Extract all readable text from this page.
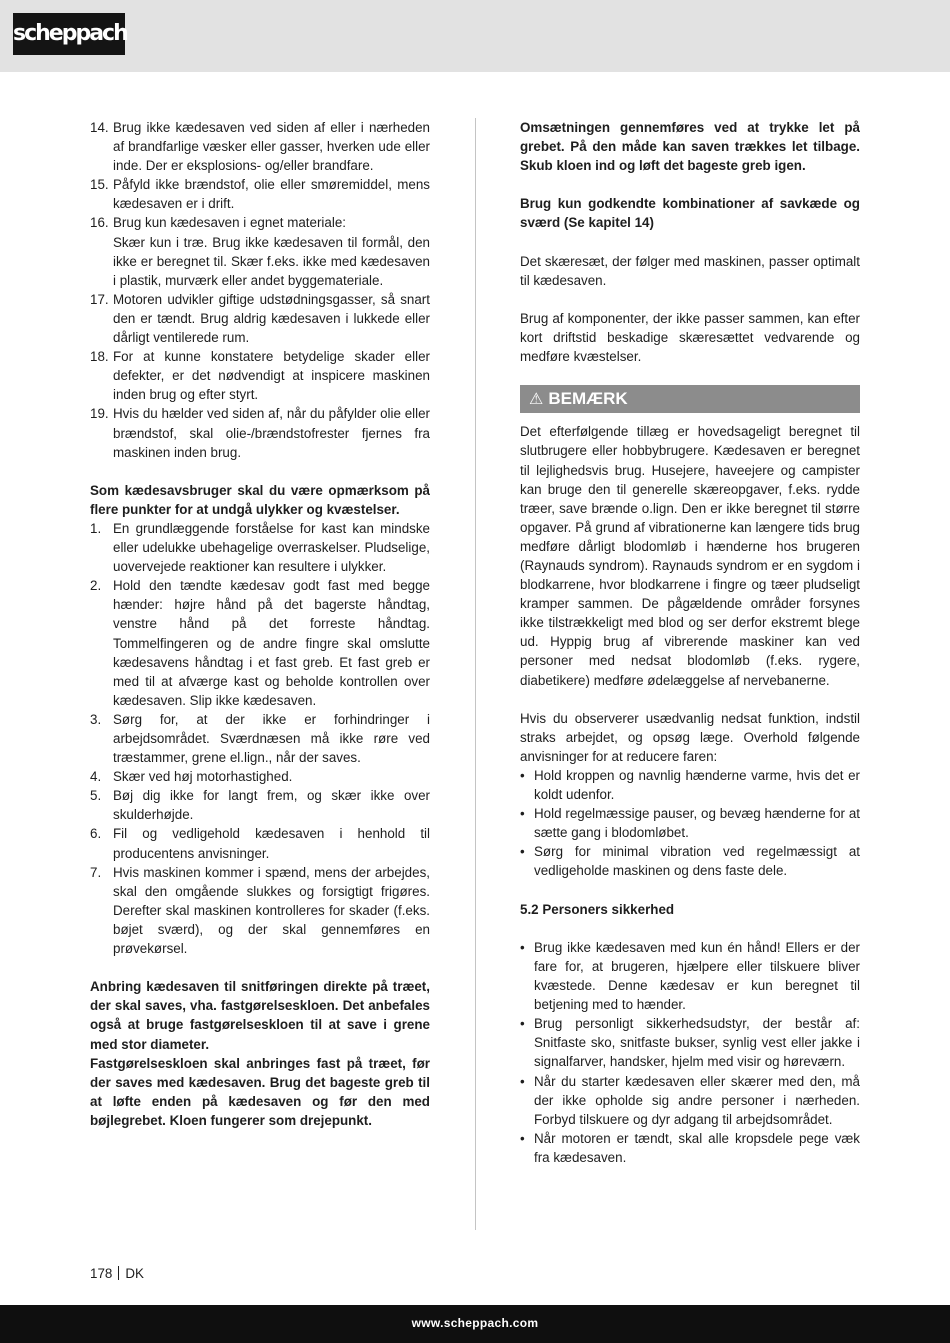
scheppach
14. Brug ikke kædesaven ved siden af eller i nærheden af brandfarlige væsker eller gasser, hverken ude eller inde. Der er eksplosions- og/eller brandfare.
15. Påfyld ikke brændstof, olie eller smøremiddel, mens kædesaven er i drift.
16. Brug kun kædesaven i egnet materiale:
Skær kun i træ. Brug ikke kædesaven til formål, den ikke er beregnet til. Skær f.eks. ikke med kædesaven i plastik, murværk eller andet byggemateriale.
17. Motoren udvikler giftige udstødningsgasser, så snart den er tændt. Brug aldrig kædesaven i lukkede eller dårligt ventilerede rum.
18. For at kunne konstatere betydelige skader eller defekter, er det nødvendigt at inspicere maskinen inden brug og efter styrt.
19. Hvis du hælder ved siden af, når du påfylder olie eller brændstof, skal olie-/brændstofrester fjernes fra maskinen inden brug.

Som kædesavsbruger skal du være opmærksom på flere punkter for at undgå ulykker og kvæstelser.

1. En grundlæggende forståelse for kast kan mindske eller udelukke ubehagelige overraskelser. Pludselige, uovervejede reaktioner kan resultere i ulykker.
2. Hold den tændte kædesav godt fast med begge hænder: højre hånd på det bagerste håndtag, venstre hånd på det forreste håndtag. Tommelfingeren og de andre fingre skal omslutte kædesavens håndtag i et fast greb. Et fast greb er med til at afværge kast og beholde kontrollen over kædesaven. Slip ikke kædesaven.
3. Sørg for, at der ikke er forhindringer i arbejdsområdet. Sværdnæsen må ikke røre ved træstammer, grene el.lign., når der saves.
4. Skær ved høj motorhastighed.
5. Bøj dig ikke for langt frem, og skær ikke over skulderhøjde.
6. Fil og vedligehold kædesaven i henhold til producentens anvisninger.
7. Hvis maskinen kommer i spænd, mens der arbejdes, skal den omgående slukkes og forsigtigt frigøres. Derefter skal maskinen kontrolleres for skader (f.eks. bøjet sværd), og der skal gennemføres en prøvekørsel.

Anbring kædesaven til snitføringen direkte på træet, der skal saves, vha. fastgørelseskloen. Det anbefales også at bruge fastgørelseskloen til at save i grene med stor diameter.

Fastgørelseskloen skal anbringes fast på træet, før der saves med kædesaven. Brug det bageste greb til at løfte enden på kædesaven og før den med bøjlegrebet. Kloen fungerer som drejepunkt.

Omsætningen gennemføres ved at trykke let på grebet. På den måde kan saven trækkes let tilbage. Skub kloen ind og løft det bageste greb igen.

Brug kun godkendte kombinationer af savkæde og sværd (Se kapitel 14)

Det skæresæt, der følger med maskinen, passer optimalt til kædesaven.

Brug af komponenter, der ikke passer sammen, kan efter kort driftstid beskadige skæresættet vedvarende og medføre kvæstelser.

⚠ BEMÆRK

Det efterfølgende tillæg er hovedsageligt beregnet til slutbrugere eller hobbybrugere. Kædesaven er beregnet til lejlighedsvis brug. Husejere, haveejere og campister kan bruge den til generelle skæreopgaver, f.eks. rydde træer, save brænde o.lign. Den er ikke beregnet til større opgaver. På grund af vibrationerne kan længere tids brug medføre dårligt blodomløb i hænderne hos brugeren (Raynauds syndrom). Raynauds syndrom er en sygdom i blodkarrene, hvor blodkarrene i fingre og tæer pludseligt kramper sammen. De pågældende områder forsynes ikke tilstrækkeligt med blod og ser derfor ekstremt blege ud. Hyppig brug af vibrerende maskiner kan ved personer med nedsat blodomløb (f.eks. rygere, diabetikere) medføre ødelæggelse af nervebanerne.

Hvis du observerer usædvanlig nedsat funktion, indstil straks arbejdet, og opsøg læge. Overhold følgende anvisninger for at reducere faren:

• Hold kroppen og navnlig hænderne varme, hvis det er koldt udenfor.
• Hold regelmæssige pauser, og bevæg hænderne for at sætte gang i blodomløbet.
• Sørg for minimal vibration ved regelmæssigt at vedligeholde maskinen og dens faste dele.

5.2 Personers sikkerhed

• Brug ikke kædesaven med kun én hånd! Ellers er der fare for, at brugeren, hjælpere eller tilskuere bliver kvæstede. Denne kædesav er kun beregnet til betjening med to hænder.
• Brug personligt sikkerhedsudstyr, der består af: Snitfaste sko, snitfaste bukser, synlig vest eller jakke i signalfarver, handsker, hjelm med visir og høreværn.
• Når du starter kædesaven eller skærer med den, må der ikke opholde sig andre personer i nærheden. Forbyd tilskuere og dyr adgang til arbejdsområdet.
• Når motoren er tændt, skal alle kropsdele pege væk fra kædesaven.
178 DK
www.scheppach.com
